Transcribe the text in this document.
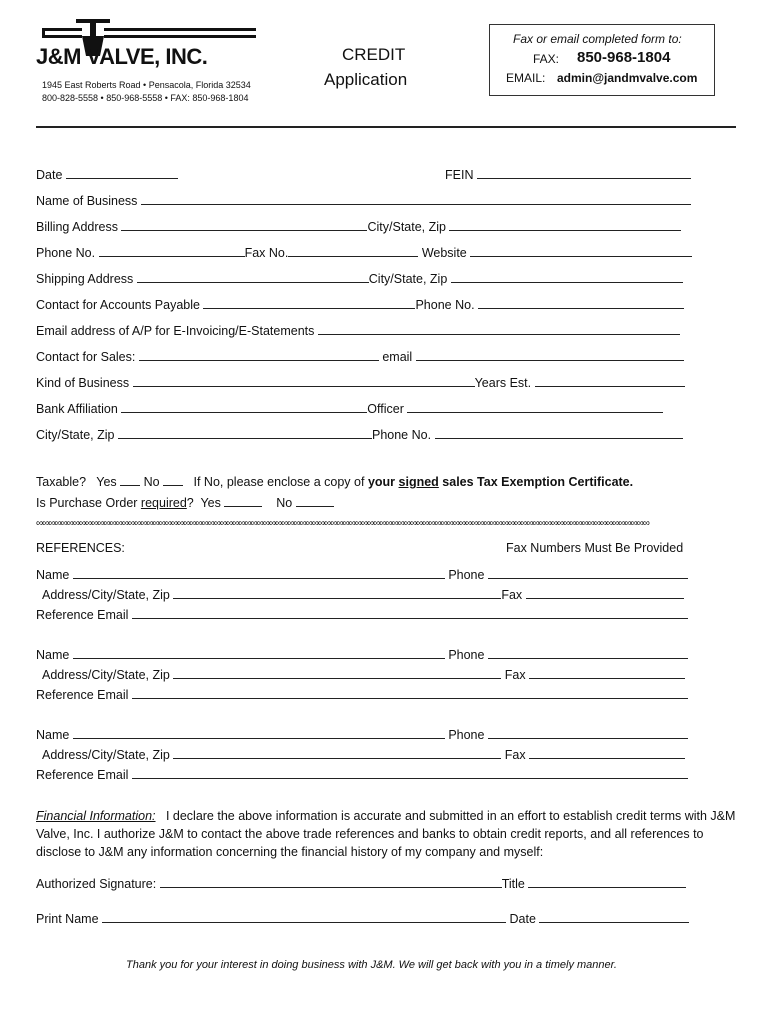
J&M VALVE, INC.
1945 East Roberts Road • Pensacola, Florida 32534
800-828-5558 • 850-968-5558 • FAX: 850-968-1804
CREDIT
Application
Fax or email completed form to:
FAX: 850-968-1804
EMAIL: admin@jandmvalve.com
Date	FEIN
Name of Business
Billing Address	City/State, Zip
Phone No.	Fax No.	Website
Shipping Address	City/State, Zip
Contact for Accounts Payable	Phone No.
Email address of A/P for E-Invoicing/E-Statements
Contact for Sales:	email
Kind of Business	Years Est.
Bank Affiliation	Officer
City/State, Zip	Phone No.
Taxable? Yes No	If No, please enclose a copy of your signed sales Tax Exemption Certificate.
Is Purchase Order required? Yes	No
∞∞∞∞∞∞∞∞∞∞∞∞∞∞∞∞∞∞∞∞∞∞∞∞∞∞∞∞∞∞∞∞∞∞∞∞∞∞∞∞∞∞∞∞∞∞∞∞∞∞∞∞∞∞∞∞∞∞∞∞∞∞∞∞∞∞∞∞∞∞∞∞∞∞∞∞∞∞∞∞∞∞∞∞∞∞∞∞∞∞∞∞∞∞∞∞∞∞∞∞
REFERENCES:	Fax Numbers Must Be Provided
Name	Phone
Address/City/State, Zip	Fax
Reference Email
Name	Phone
Address/City/State, Zip	Fax
Reference Email
Name	Phone
Address/City/State, Zip	Fax
Reference Email
Financial Information: I declare the above information is accurate and submitted in an effort to establish credit terms with J&M Valve, Inc. I authorize J&M to contact the above trade references and banks to obtain credit reports, and all references to disclose to J&M any information concerning the financial history of my company and myself:
Authorized Signature:	Title
Print Name	Date
Thank you for your interest in doing business with J&M. We will get back with you in a timely manner.
